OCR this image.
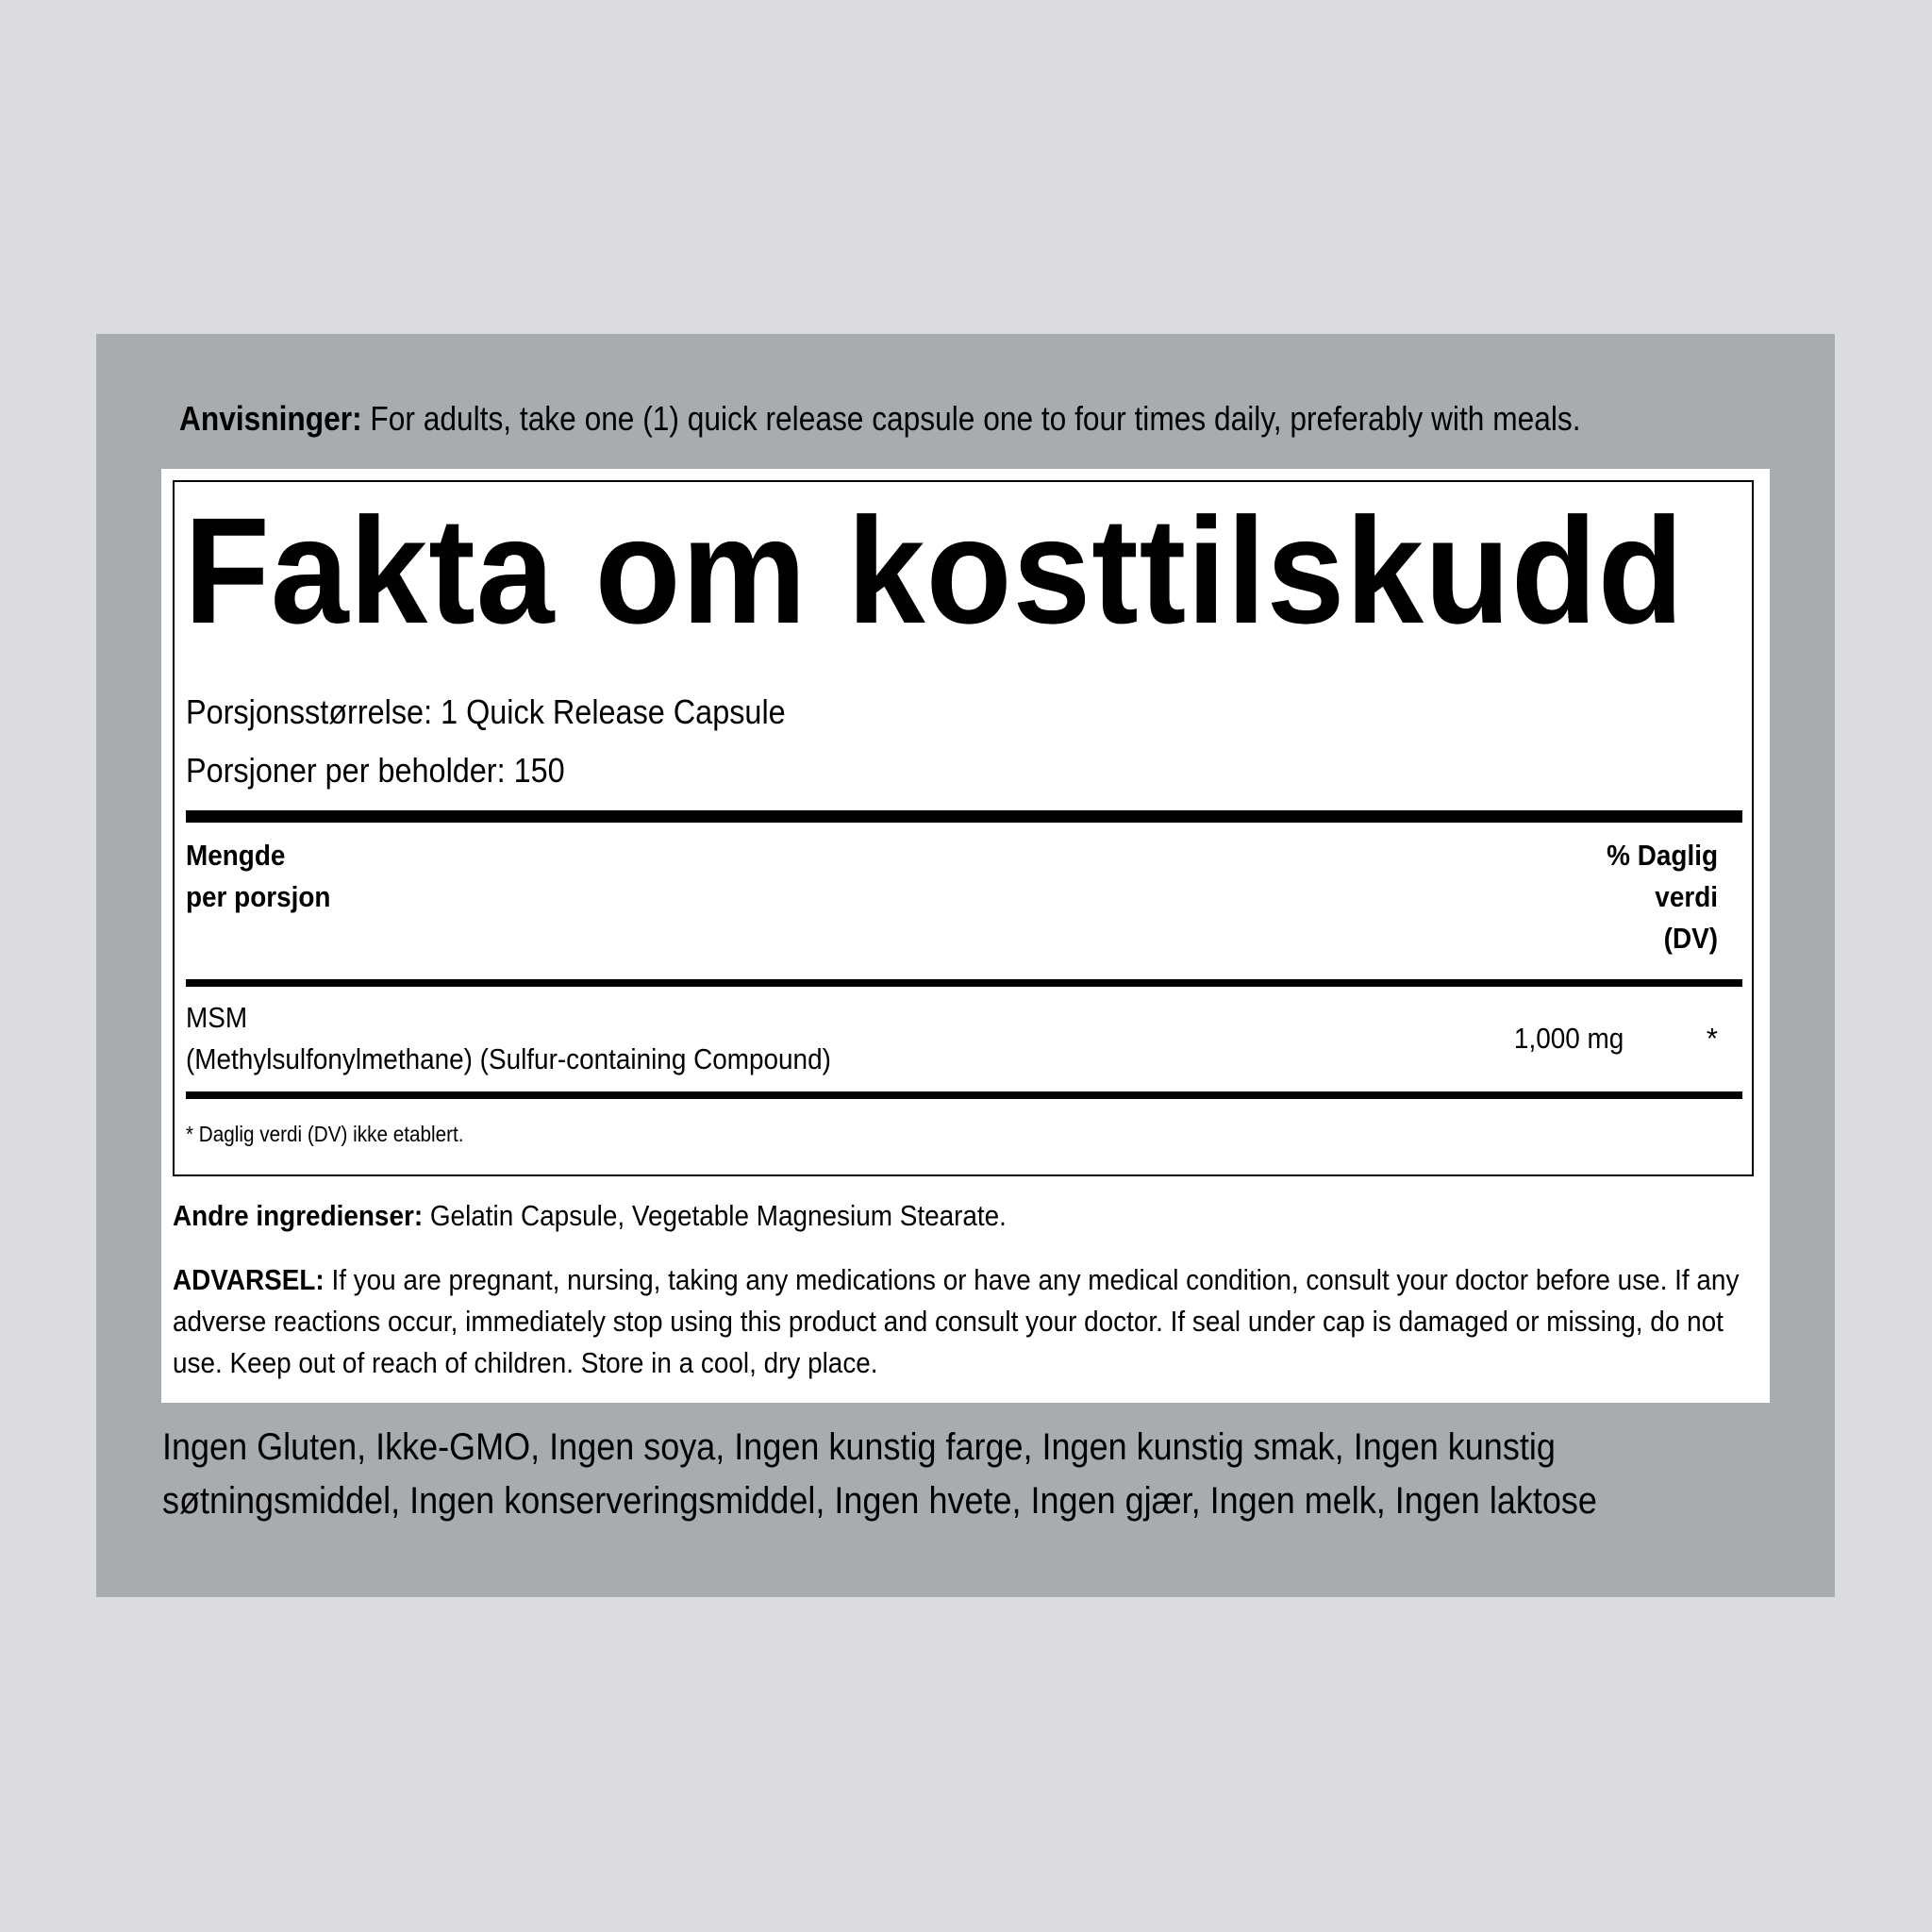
Anvisninger: For adults, take one (1) quick release capsule one to four times daily, preferably with meals.
Fakta om kosttilskudd
Porsjonsstørrelse: 1 Quick Release Capsule
Porsjoner per beholder: 150
Mengde
per porsjon
% Daglig
verdi
(DV)
MSM
(Methylsulfonylmethane) (Sulfur-containing Compound)
1,000 mg	*
* Daglig verdi (DV) ikke etablert.
Andre ingredienser: Gelatin Capsule, Vegetable Magnesium Stearate.
ADVARSEL: If you are pregnant, nursing, taking any medications or have any medical condition, consult your doctor before use. If any adverse reactions occur, immediately stop using this product and consult your doctor. If seal under cap is damaged or missing, do not use. Keep out of reach of children. Store in a cool, dry place.
Ingen Gluten, Ikke-GMO, Ingen soya, Ingen kunstig farge, Ingen kunstig smak, Ingen kunstig
søtningsmiddel, Ingen konserveringsmiddel, Ingen hvete, Ingen gjær, Ingen melk, Ingen laktose
